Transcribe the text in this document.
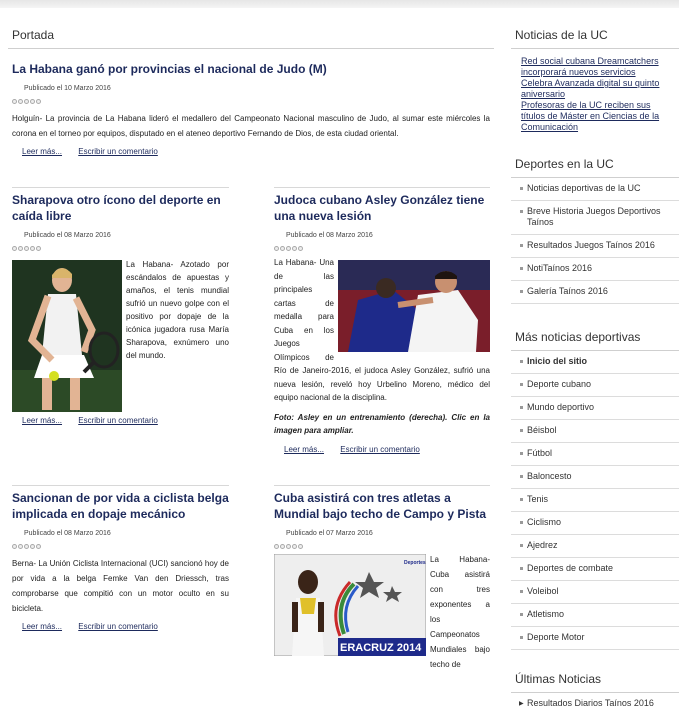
Portada
La Habana ganó por provincias el nacional de Judo (M)
Publicado el 10 Marzo 2016
Holguín- La provincia de La Habana lideró el medallero del Campeonato Nacional masculino de Judo, al sumar este miércoles la corona en el torneo por equipos, disputado en el ateneo deportivo Fernando de Dios, de esta ciudad oriental.
Leer más... Escribir un comentario
Sharapova otro ícono del deporte en caída libre
Publicado el 08 Marzo 2016
La Habana- Azotado por escándalos de apuestas y amaños, el tenis mundial sufrió un nuevo golpe con el positivo por dopaje de la icónica jugadora rusa María Sharapova, exnúmero uno del mundo.
Leer más... Escribir un comentario
Judoca cubano Asley González tiene una nueva lesión
Publicado el 08 Marzo 2016
La Habana- Una de las principales cartas de medalla para Cuba en los Juegos Olímpicos de Río de Janeiro-2016, el judoca Asley González, sufrió una nueva lesión, reveló hoy Urbelino Moreno, médico del equipo nacional de la disciplina.
Foto: Asley en un entrenamiento (derecha). Clic en la imagen para ampliar.
Leer más... Escribir un comentario
Sancionan de por vida a ciclista belga implicada en dopaje mecánico
Publicado el 08 Marzo 2016
Berna- La Unión Ciclista Internacional (UCI) sancionó hoy de por vida a la belga Femke Van den Driessch, tras comprobarse que compitió con un motor oculto en su bicicleta.
Leer más... Escribir un comentario
Cuba asistirá con tres atletas a Mundial bajo techo de Campo y Pista
Publicado el 07 Marzo 2016
ERACRUZ 2014
Deportes La Habana- Cuba asistirá con tres exponentes a los Campeonatos Mundiales bajo techo de
Noticias de la UC
Red social cubana Dreamcatchers incorporará nuevos servicios
Celebra Avanzada digital su quinto aniversario
Profesoras de la UC reciben sus títulos de Máster en Ciencias de la Comunicación
Deportes en la UC
Noticias deportivas de la UC
Breve Historia Juegos Deportivos Taínos
Resultados Juegos Taínos 2016
NotiTaínos 2016
Galería Taínos 2016
Más noticias deportivas
Inicio del sitio
Deporte cubano
Mundo deportivo
Béisbol
Fútbol
Baloncesto
Tenis
Ciclismo
Ajedrez
Deportes de combate
Voleibol
Atletismo
Deporte Motor
Últimas Noticias
▶ Resultados Diarios Taínos 2016
